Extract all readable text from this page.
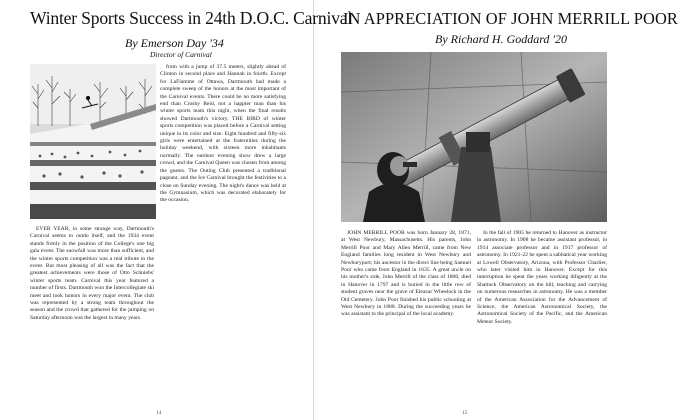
Winter Sports Success in 24th D.O.C. Carnival
By Emerson Day '34
Director of Carnival

EVER YEAR, in some strange way, Dartmouth's Carnival seems to outdo itself, and the 1934 event stands firmly in the position of the College's one big gala event. The snowfall was more than sufficient, and the winter sports competition was a real tribute to the event. But most pleasing of all was the fact that the greatest achievements were those of Otto Schniebs' winter sports team. Carnival this year featured a number of firsts. Dartmouth won the Intercollegiate ski meet and took honors in every major event. The club was represented by a strong team throughout the season and the crowd that gathered for the jumping on Saturday afternoon was the largest in many years.

from with a jump of 37.5 meters, slightly ahead of Clinton in second place and Hannah in fourth. Except for LaFlamme of Ottawa, Dartmouth had made a complete sweep of the honors at the most important of the Carnival events. There could be no more satisfying end than Crosby Reid, not a happier man than his winter sports team this night, when the final results showed Dartmouth's victory. THE BIRD of winter sports competition was placed before a Carnival setting unique in its color and size. Eight hundred and fifty-six girls were entertained at the fraternities during the holiday weekend, with sixteen more inhabitants normally. The outdoor evening show drew a large crowd, and the Carnival Queen was chosen from among the guests. The Outing Club presented a traditional pageant, and the Ice Carnival brought the festivities to a close on Sunday evening. The night's dance was held at the Gymnasium, which was decorated elaborately for the occasion.

14
IN APPRECIATION OF JOHN MERRILL POOR
By Richard H. Goddard '20

JOHN MERRILL POOR was born January 28, 1871, at West Newbury, Massachusetts. His parents, John Merrill Poor and Mary Allen Merrill, came from New England families long resident in West Newbury and Newburyport; his ancestor in the direct line being Samuel Poor who came from England in 1635. A great uncle on his mother's side, John Merrill of the class of 1800, died in Hanover in 1797 and is buried in the little row of student graves near the grave of Eleazar Wheelock in the Old Cemetery. John Poor finished his public schooling at West Newbury in 1888. During the succeeding years he was assistant to the principal of the local academy.

In the fall of 1905 he returned to Hanover as instructor in astronomy. In 1908 he became assistant professor, in 1914 associate professor and in 1917 professor of astronomy. In 1921-22 he spent a sabbatical year working at Lowell Observatory, Arizona, with Professor Charlier, who later visited him in Hanover. Except for this interruption he spent the years working diligently at the Shattuck Observatory on the hill, teaching and carrying on numerous researches in astronomy. He was a member of the American Association for the Advancement of Science, the American Astronomical Society, the Astronomical Society of the Pacific, and the American Meteor Society.

15
